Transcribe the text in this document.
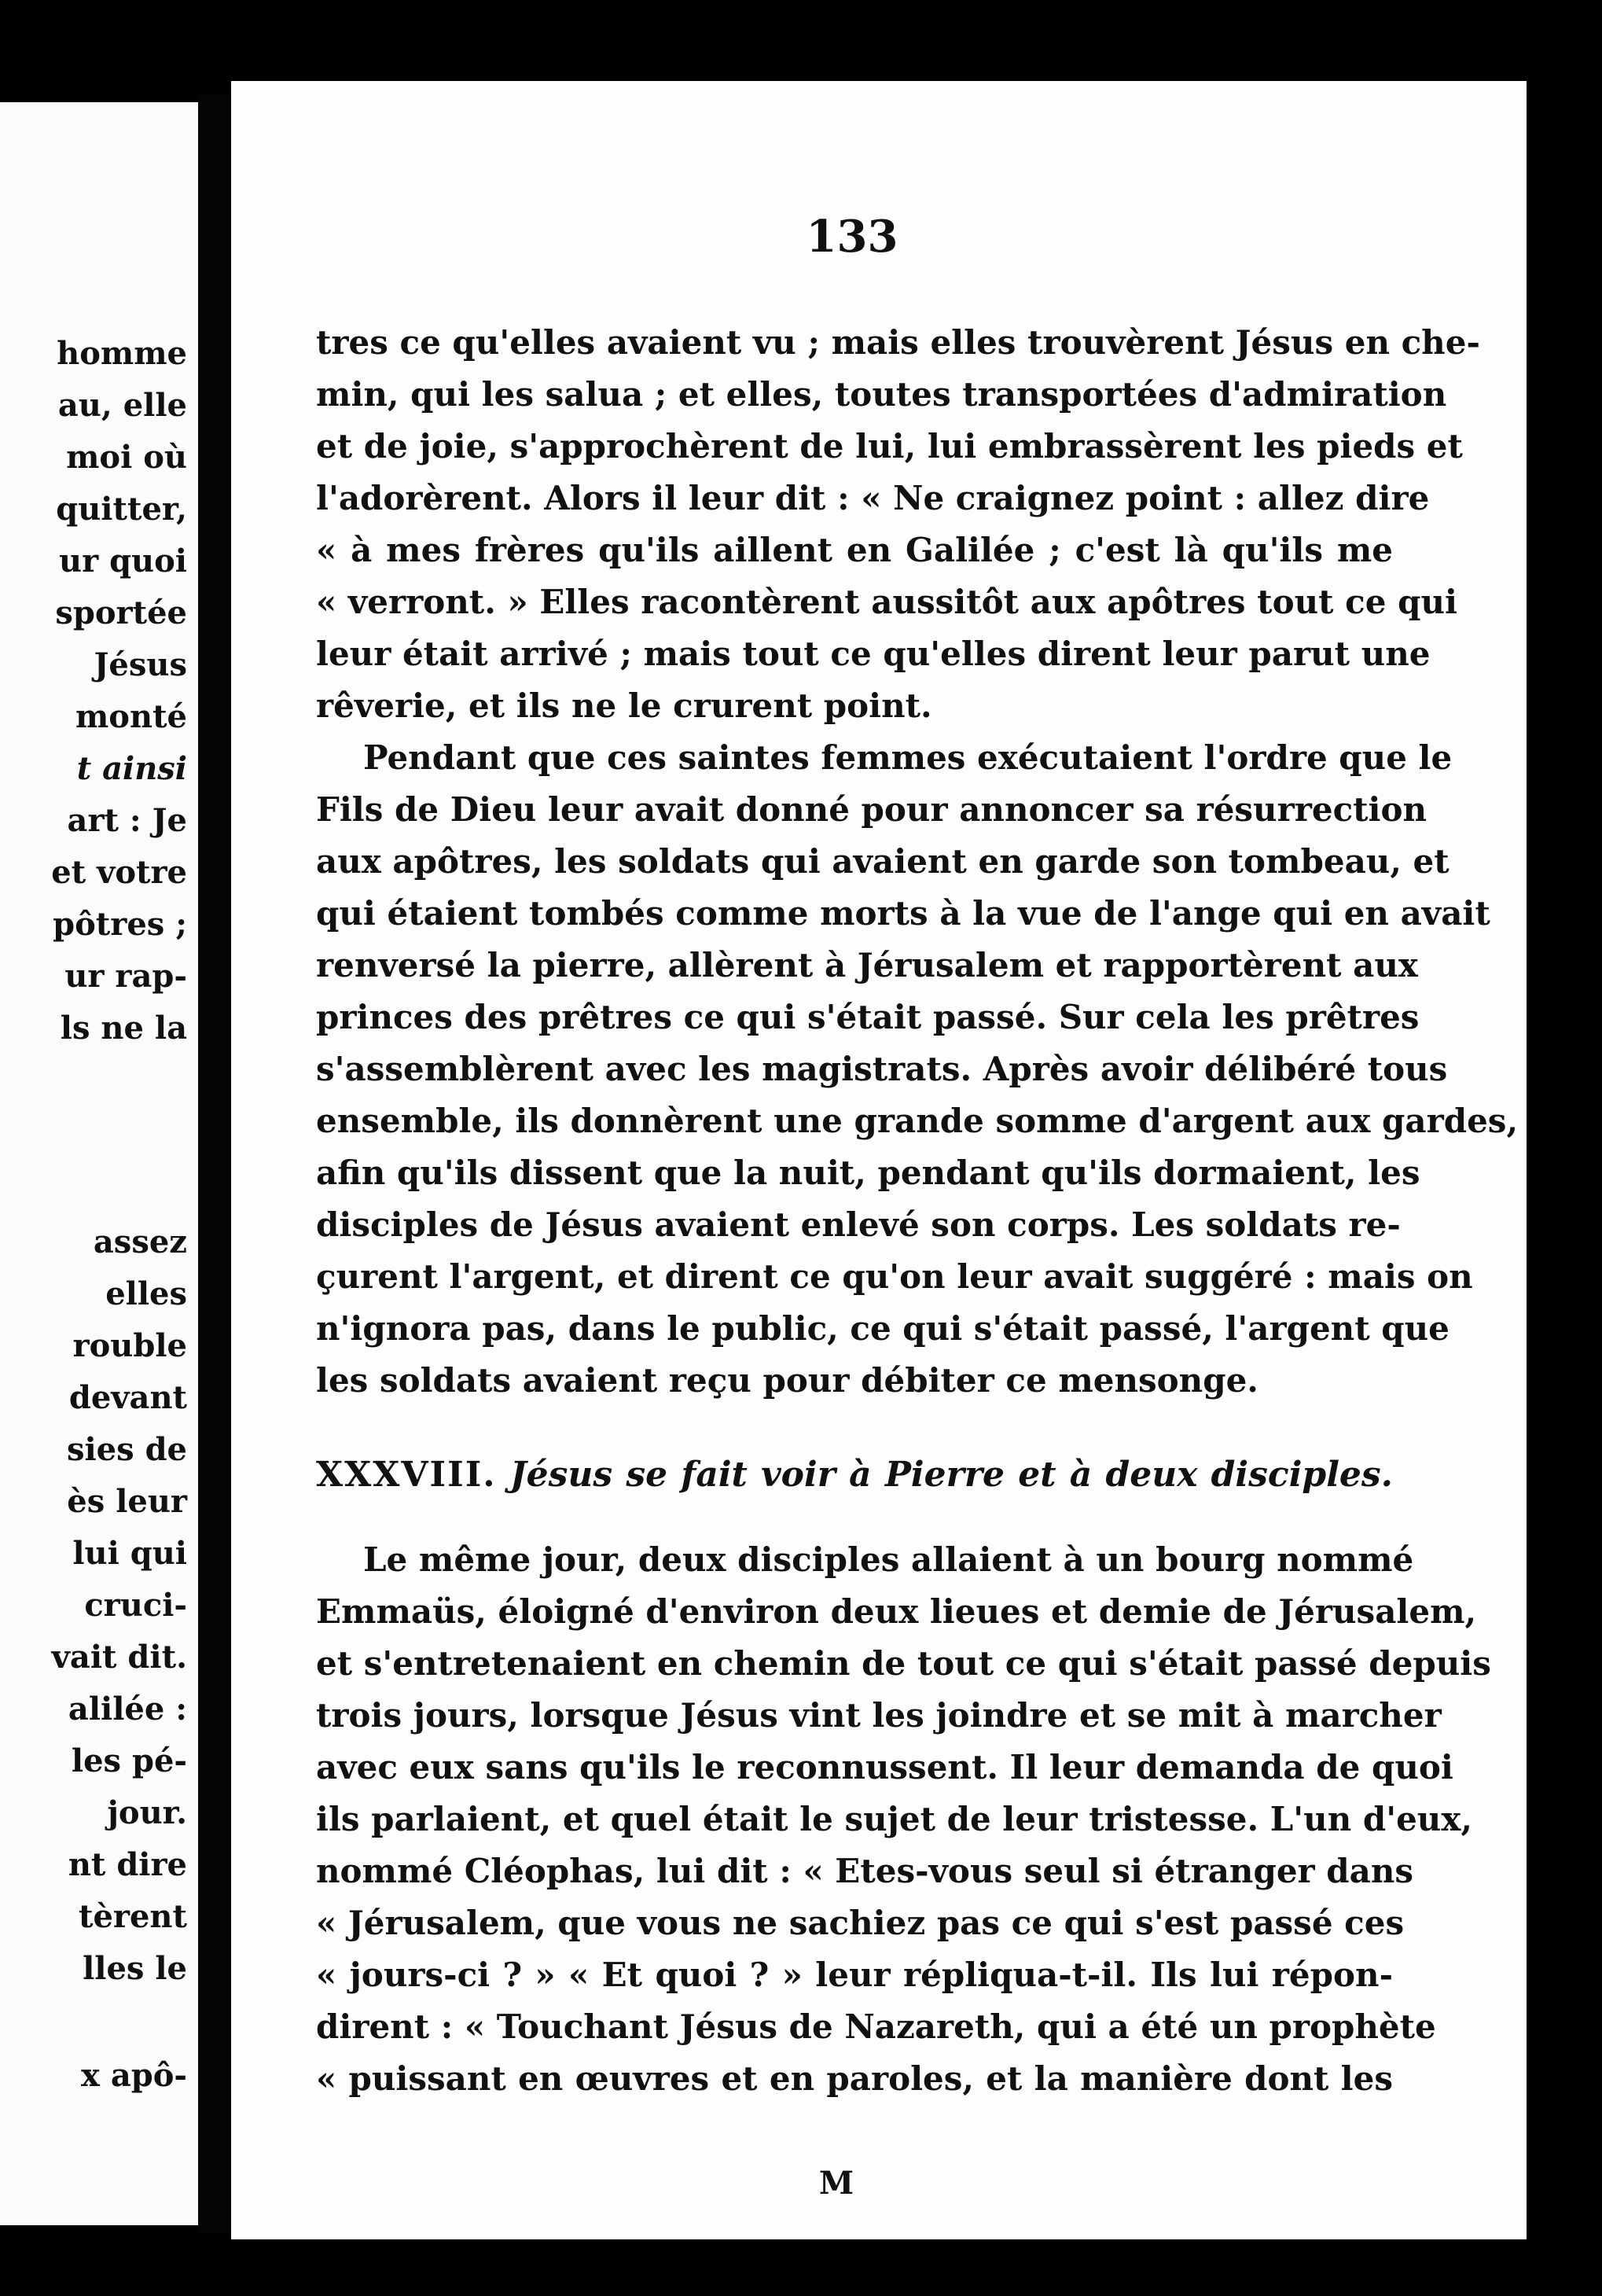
homme
au, elle
moi où
quitter,
ur quoi
sportée
Jésus
monté
t ainsi
art : Je
et votre
pôtres ;
ur rap-
ls ne la
assez
elles
rouble
devant
sies de
ès leur
lui qui
cruci-
vait dit.
alilée :
les pé-
jour.
nt dire
tèrent
lles le
x apô-
133
tres ce qu'elles avaient vu ; mais elles trouvèrent Jésus en che-
min, qui les salua ; et elles, toutes transportées d'admiration
et de joie, s'approchèrent de lui, lui embrassèrent les pieds et
l'adorèrent. Alors il leur dit : « Ne craignez point : allez dire
« à mes frères qu'ils aillent en Galilée ; c'est là qu'ils me
« verront. » Elles racontèrent aussitôt aux apôtres tout ce qui
leur était arrivé ; mais tout ce qu'elles dirent leur parut une
rêverie, et ils ne le crurent point.
Pendant que ces saintes femmes exécutaient l'ordre que le
Fils de Dieu leur avait donné pour annoncer sa résurrection
aux apôtres, les soldats qui avaient en garde son tombeau, et
qui étaient tombés comme morts à la vue de l'ange qui en avait
renversé la pierre, allèrent à Jérusalem et rapportèrent aux
princes des prêtres ce qui s'était passé. Sur cela les prêtres
s'assemblèrent avec les magistrats. Après avoir délibéré tous
ensemble, ils donnèrent une grande somme d'argent aux gardes,
afin qu'ils dissent que la nuit, pendant qu'ils dormaient, les
disciples de Jésus avaient enlevé son corps. Les soldats re-
çurent l'argent, et dirent ce qu'on leur avait suggéré : mais on
n'ignora pas, dans le public, ce qui s'était passé, l'argent que
les soldats avaient reçu pour débiter ce mensonge.
XXXVIII. Jésus se fait voir à Pierre et à deux disciples.
Le même jour, deux disciples allaient à un bourg nommé
Emmaüs, éloigné d'environ deux lieues et demie de Jérusalem,
et s'entretenaient en chemin de tout ce qui s'était passé depuis
trois jours, lorsque Jésus vint les joindre et se mit à marcher
avec eux sans qu'ils le reconnussent. Il leur demanda de quoi
ils parlaient, et quel était le sujet de leur tristesse. L'un d'eux,
nommé Cléophas, lui dit : « Etes-vous seul si étranger dans
« Jérusalem, que vous ne sachiez pas ce qui s'est passé ces
« jours-ci ? » « Et quoi ? » leur répliqua-t-il. Ils lui répon-
dirent : « Touchant Jésus de Nazareth, qui a été un prophète
« puissant en œuvres et en paroles, et la manière dont les
M
